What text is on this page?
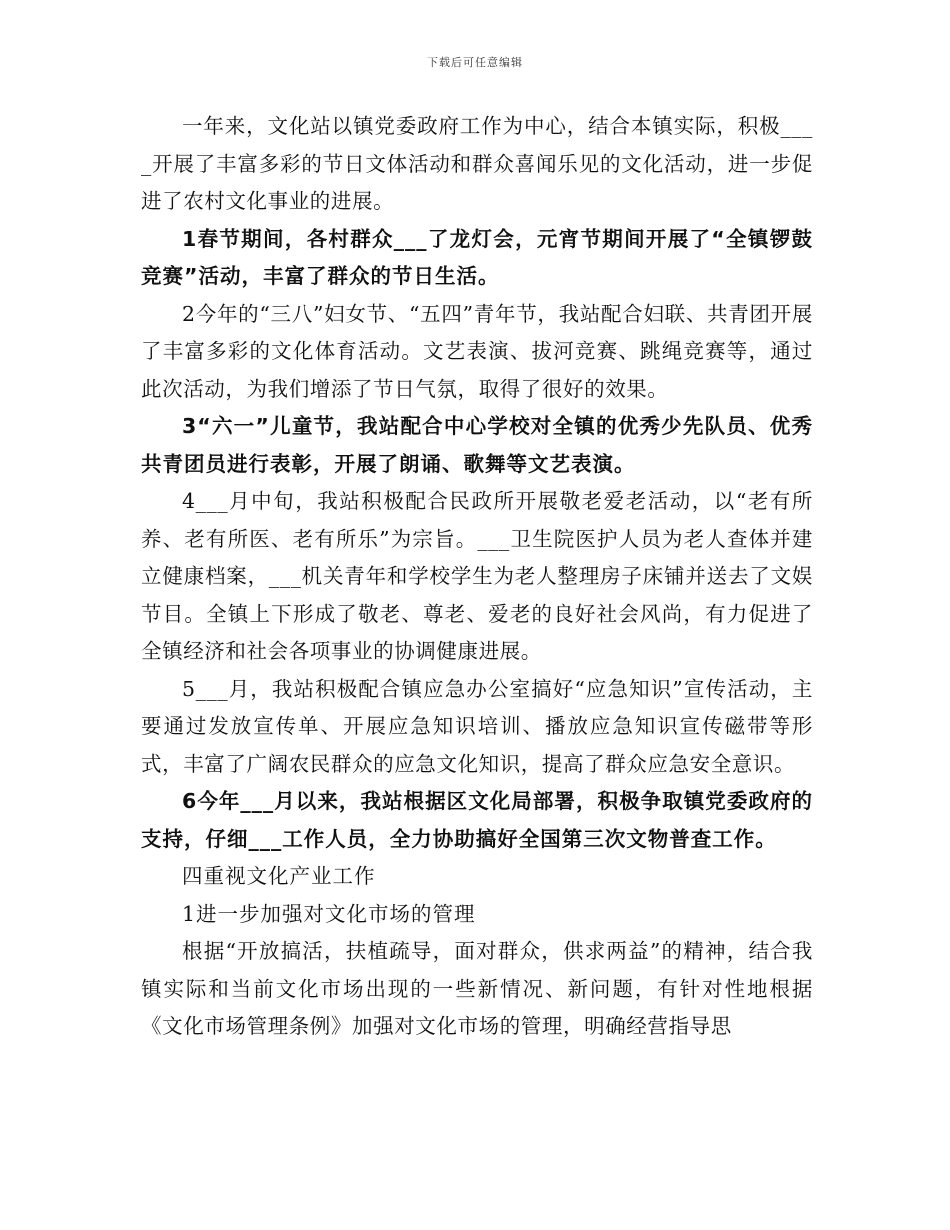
下载后可任意编辑

一年来，文化站以镇党委政府工作为中心，结合本镇实际，积极____开展了丰富多彩的节日文体活动和群众喜闻乐见的文化活动，进一步促进了农村文化事业的进展。

1春节期间，各村群众___了龙灯会，元宵节期间开展了“全镇锣鼓竞赛”活动，丰富了群众的节日生活。

2今年的“三八”妇女节、“五四”青年节，我站配合妇联、共青团开展了丰富多彩的文化体育活动。文艺表演、拔河竞赛、跳绳竞赛等，通过此次活动，为我们增添了节日气氛，取得了很好的效果。

3“六一”儿童节，我站配合中心学校对全镇的优秀少先队员、优秀共青团员进行表彰，开展了朗诵、歌舞等文艺表演。

4___月中旬，我站积极配合民政所开展敬老爱老活动，以“老有所养、老有所医、老有所乐”为宗旨。___卫生院医护人员为老人查体并建立健康档案，___机关青年和学校学生为老人整理房子床铺并送去了文娱节目。全镇上下形成了敬老、尊老、爱老的良好社会风尚，有力促进了全镇经济和社会各项事业的协调健康进展。

5___月，我站积极配合镇应急办公室搞好“应急知识”宣传活动，主要通过发放宣传单、开展应急知识培训、播放应急知识宣传磁带等形式，丰富了广阔农民群众的应急文化知识，提高了群众应急安全意识。

6今年___月以来，我站根据区文化局部署，积极争取镇党委政府的支持，仔细___工作人员，全力协助搞好全国第三次文物普查工作。

四重视文化产业工作

1进一步加强对文化市场的管理

根据“开放搞活，扶植疏导，面对群众，供求两益”的精神，结合我镇实际和当前文化市场出现的一些新情况、新问题，有针对性地根据《文化市场管理条例》加强对文化市场的管理，明确经营指导思
